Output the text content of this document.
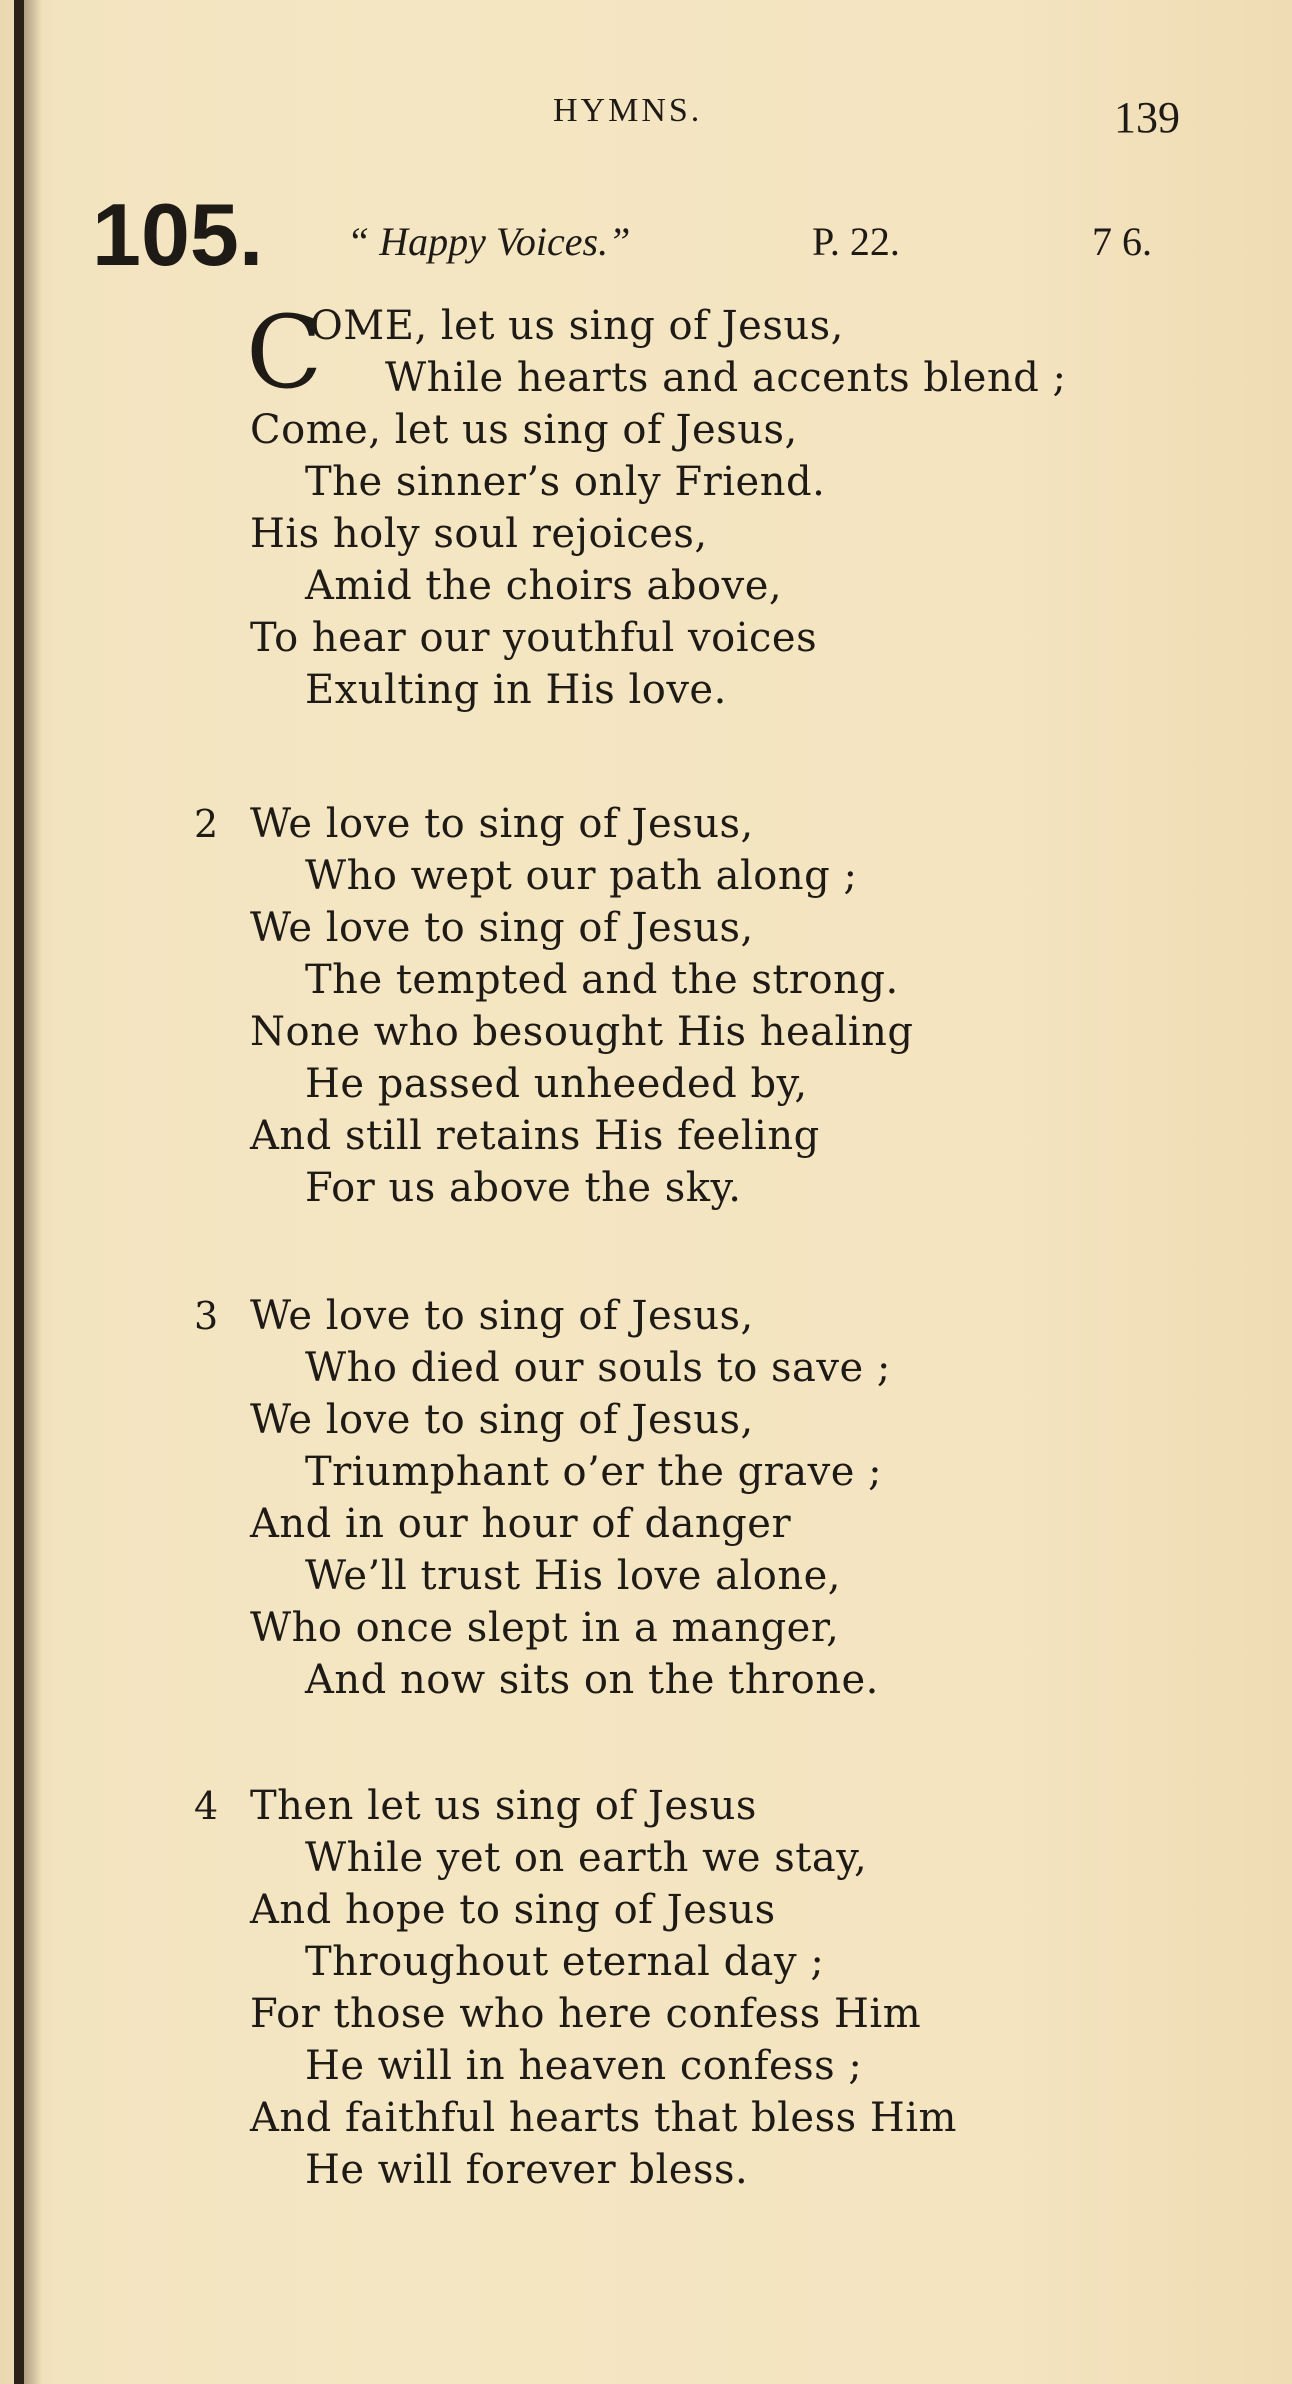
HYMNS.	139
105. “ Happy Voices.”	P. 22.	7 6.
C
OME, let us sing of Jesus,
While hearts and accents blend ;
Come, let us sing of Jesus,
The sinner’s only Friend.
His holy soul rejoices,
Amid the choirs above,
To hear our youthful voices
Exulting in His love.
2 We love to sing of Jesus,
Who wept our path along ;
We love to sing of Jesus,
The tempted and the strong.
None who besought His healing
He passed unheeded by,
And still retains His feeling
For us above the sky.
3 We love to sing of Jesus,
Who died our souls to save ;
We love to sing of Jesus,
Triumphant o’er the grave ;
And in our hour of danger
We’ll trust His love alone,
Who once slept in a manger,
And now sits on the throne.
4 Then let us sing of Jesus
While yet on earth we stay,
And hope to sing of Jesus
Throughout eternal day ;
For those who here confess Him
He will in heaven confess ;
And faithful hearts that bless Him
He will forever bless.
